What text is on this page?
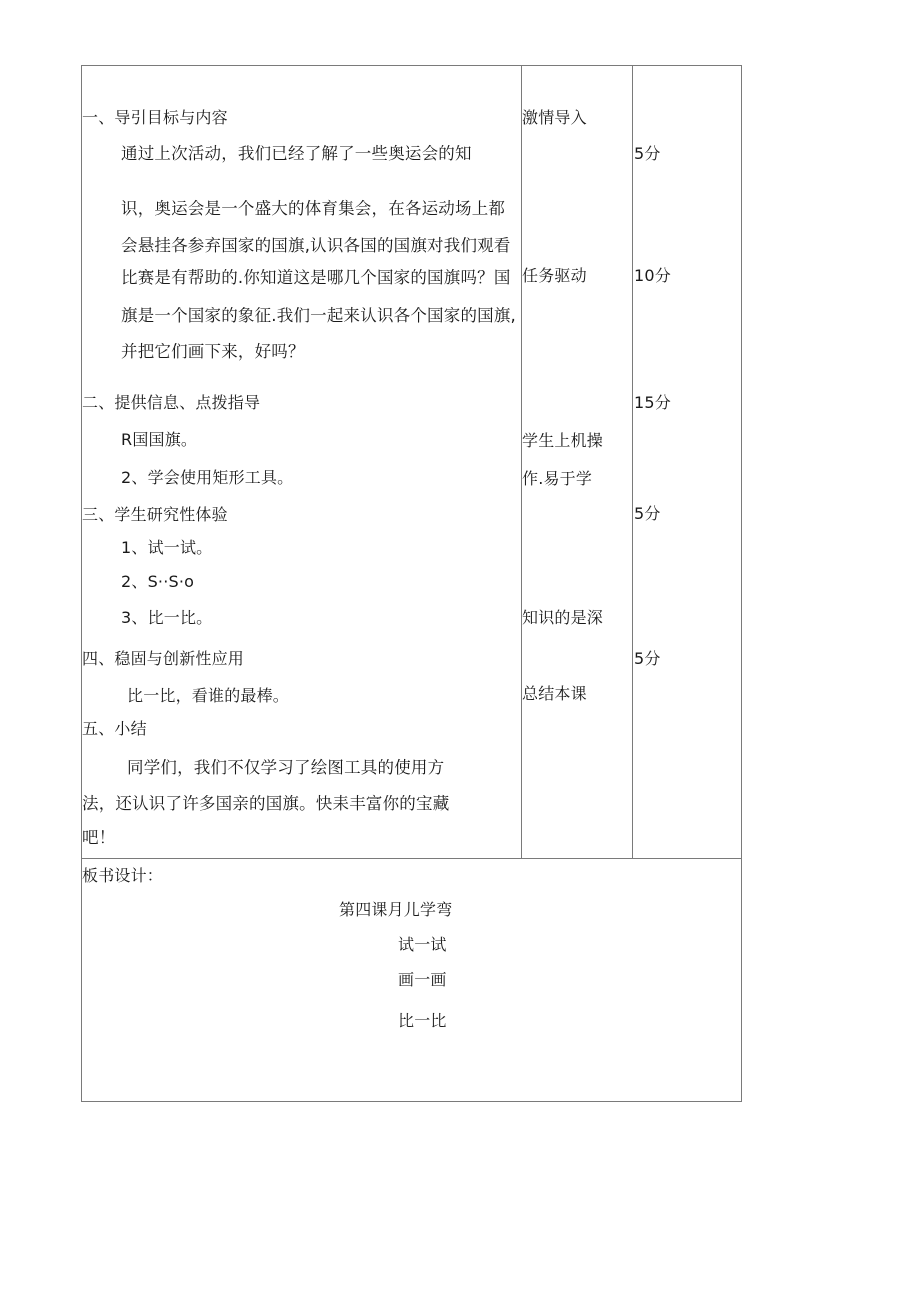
一、导引目标与内容
通过上次活动，我们已经了解了一些奥运会的知
识，奥运会是一个盛大的体育集会，在各运动场上都
会悬挂各参弃国家的国旗,认识各国的国旗对我们观看
比赛是有帮助的.你知道这是哪几个国家的国旗吗？国
旗是一个国家的象征.我们一起来认识各个国家的国旗,
并把它们画下来，好吗？
二、提供信息、点拨指导
R国国旗。
2、学会使用矩形工具。
三、学生研究性体验
1、试一试。
2、S··S·o
3、比一比。
四、稳固与创新性应用
比一比，看谁的最棒。
五、小结
同学们，我们不仅学习了绘图工具的使用方
法，还认识了许多国亲的国旗。快耒丰富你的宝藏
吧！
激情导入
任务驱动
学生上机操
作.易于学
知识的是深
总结本课
5分
10分
15分
5分
5分
板书设计：
第四课月儿学弯
试一试
画一画
比一比
